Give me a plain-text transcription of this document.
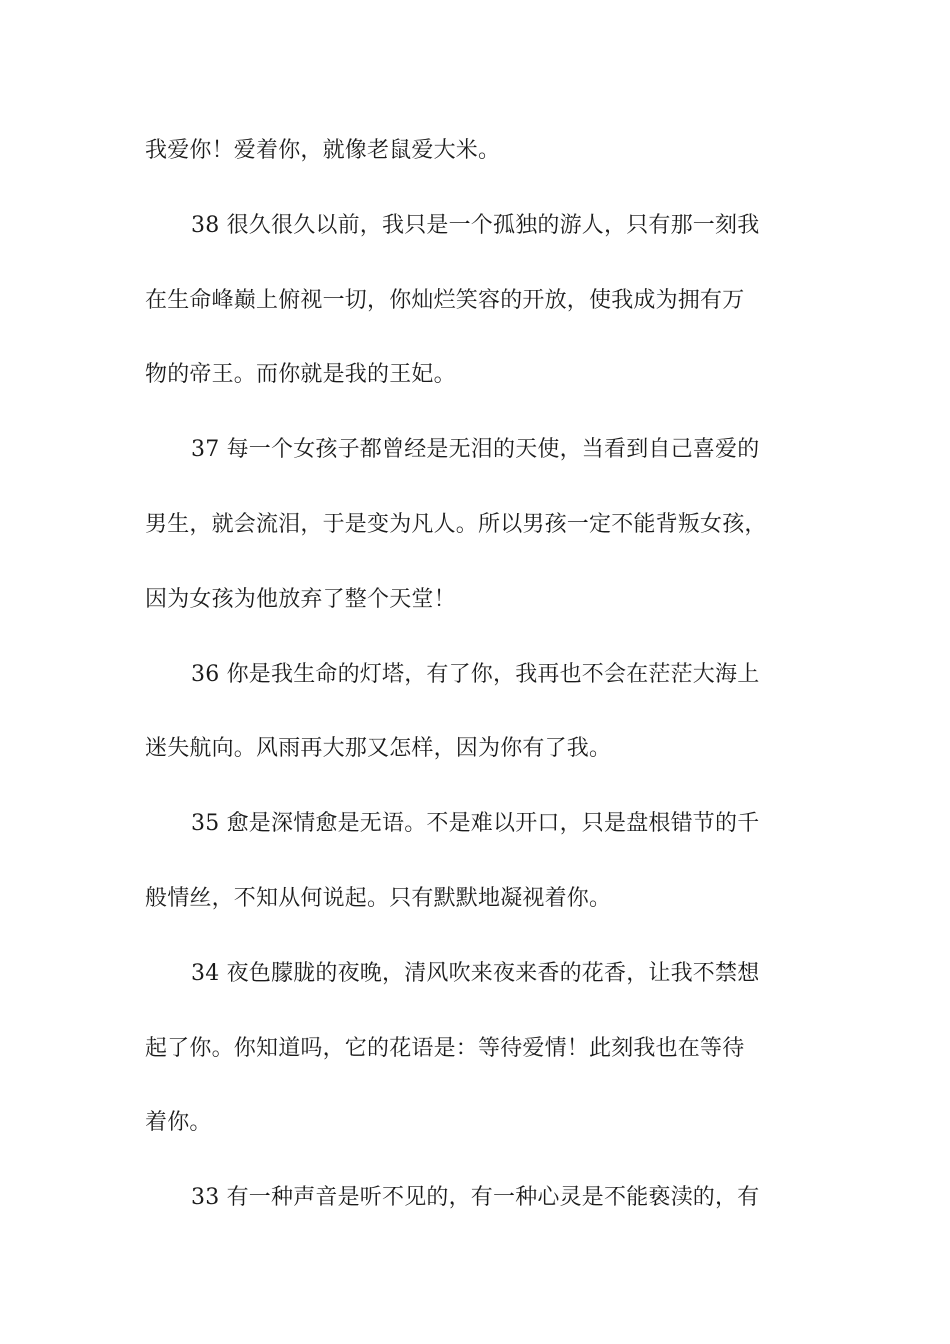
我爱你！爱着你，就像老鼠爱大米。
38 很久很久以前，我只是一个孤独的游人，只有那一刻我
在生命峰巅上俯视一切，你灿烂笑容的开放，使我成为拥有万
物的帝王。而你就是我的王妃。
37 每一个女孩子都曾经是无泪的天使，当看到自己喜爱的
男生，就会流泪，于是变为凡人。所以男孩一定不能背叛女孩，
因为女孩为他放弃了整个天堂！
36 你是我生命的灯塔，有了你，我再也不会在茫茫大海上
迷失航向。风雨再大那又怎样，因为你有了我。
35 愈是深情愈是无语。不是难以开口，只是盘根错节的千
般情丝，不知从何说起。只有默默地凝视着你。
34 夜色朦胧的夜晚，清风吹来夜来香的花香，让我不禁想
起了你。你知道吗，它的花语是：等待爱情！此刻我也在等待
着你。
33 有一种声音是听不见的，有一种心灵是不能亵渎的，有
